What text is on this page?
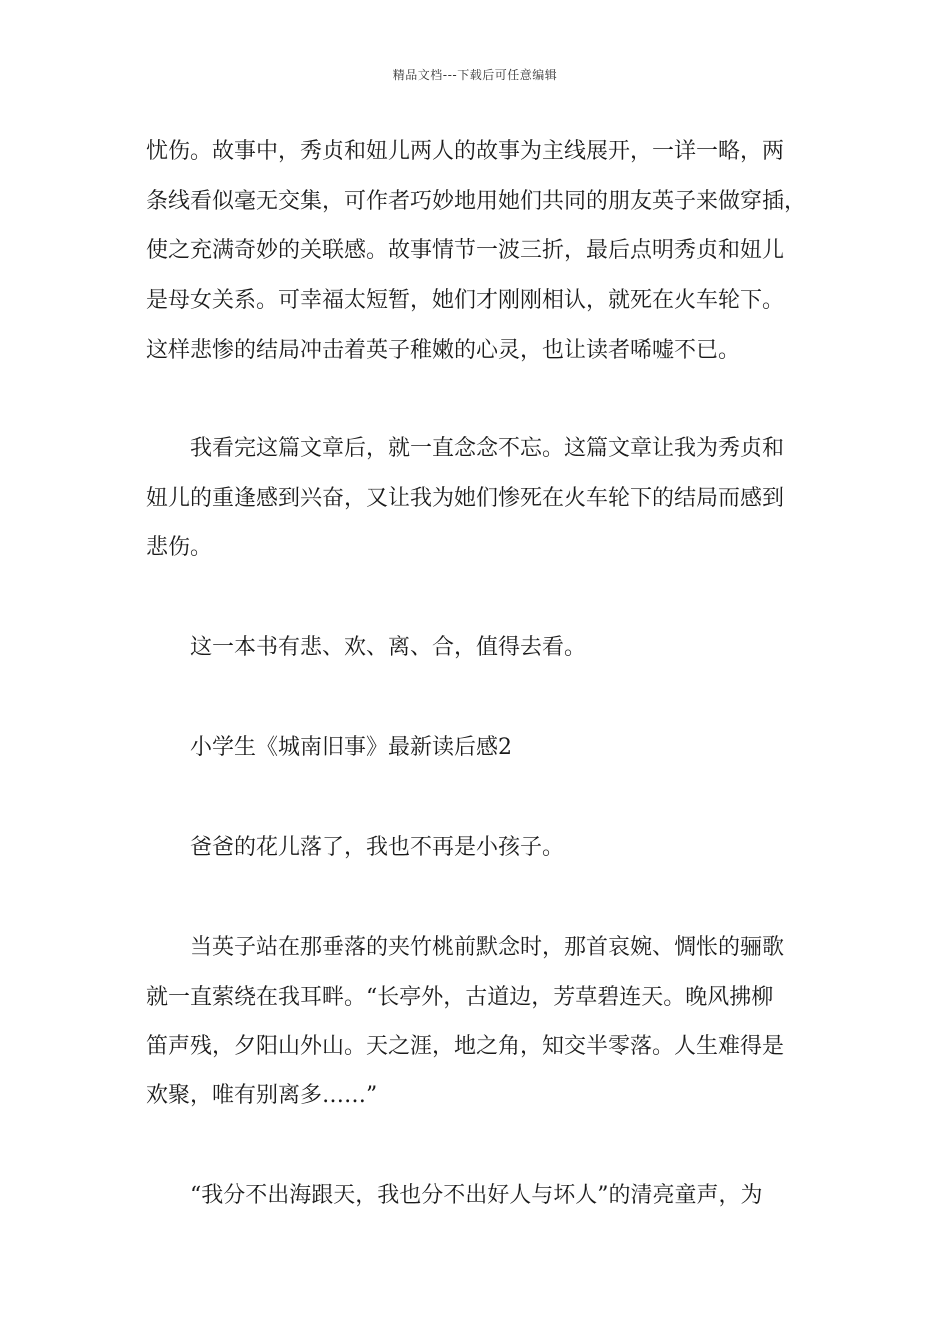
精品文档---下载后可任意编辑
忧伤。故事中，秀贞和妞儿两人的故事为主线展开，一详一略，两
条线看似毫无交集，可作者巧妙地用她们共同的朋友英子来做穿插，
使之充满奇妙的关联感。故事情节一波三折，最后点明秀贞和妞儿
是母女关系。可幸福太短暂，她们才刚刚相认，就死在火车轮下。
这样悲惨的结局冲击着英子稚嫩的心灵，也让读者唏嘘不已。
我看完这篇文章后，就一直念念不忘。这篇文章让我为秀贞和
妞儿的重逢感到兴奋，又让我为她们惨死在火车轮下的结局而感到
悲伤。
这一本书有悲、欢、离、合，值得去看。
小学生《城南旧事》最新读后感2
爸爸的花儿落了，我也不再是小孩子。
当英子站在那垂落的夹竹桃前默念时，那首哀婉、惆怅的骊歌
就一直萦绕在我耳畔。“长亭外，古道边，芳草碧连天。晚风拂柳
笛声残，夕阳山外山。天之涯，地之角，知交半零落。人生难得是
欢聚，唯有别离多……”
“我分不出海跟天，我也分不出好人与坏人”的清亮童声，为
